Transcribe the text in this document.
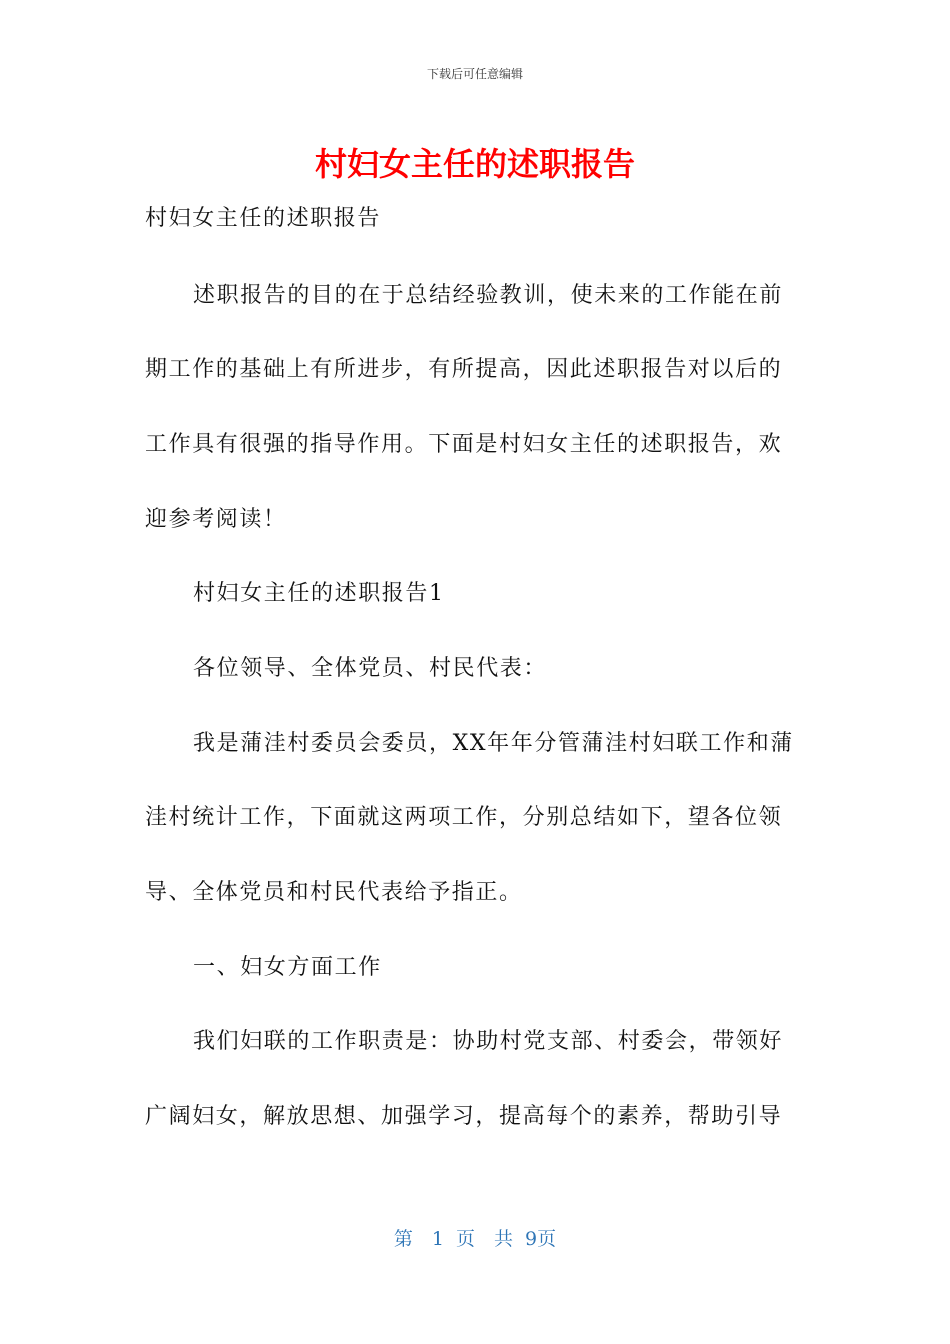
下载后可任意编辑
村妇女主任的述职报告

村妇女主任的述职报告

述职报告的目的在于总结经验教训，使未来的工作能在前

期工作的基础上有所进步，有所提高，因此述职报告对以后的

工作具有很强的指导作用。下面是村妇女主任的述职报告，欢

迎参考阅读！

村妇女主任的述职报告1

各位领导、全体党员、村民代表：

我是蒲洼村委员会委员，XX年年分管蒲洼村妇联工作和蒲

洼村统计工作，下面就这两项工作，分别总结如下，望各位领

导、全体党员和村民代表给予指正。

一、妇女方面工作

我们妇联的工作职责是：协助村党支部、村委会，带领好

广阔妇女，解放思想、加强学习，提高每个的素养，帮助引导

第　1 页　共 9页
